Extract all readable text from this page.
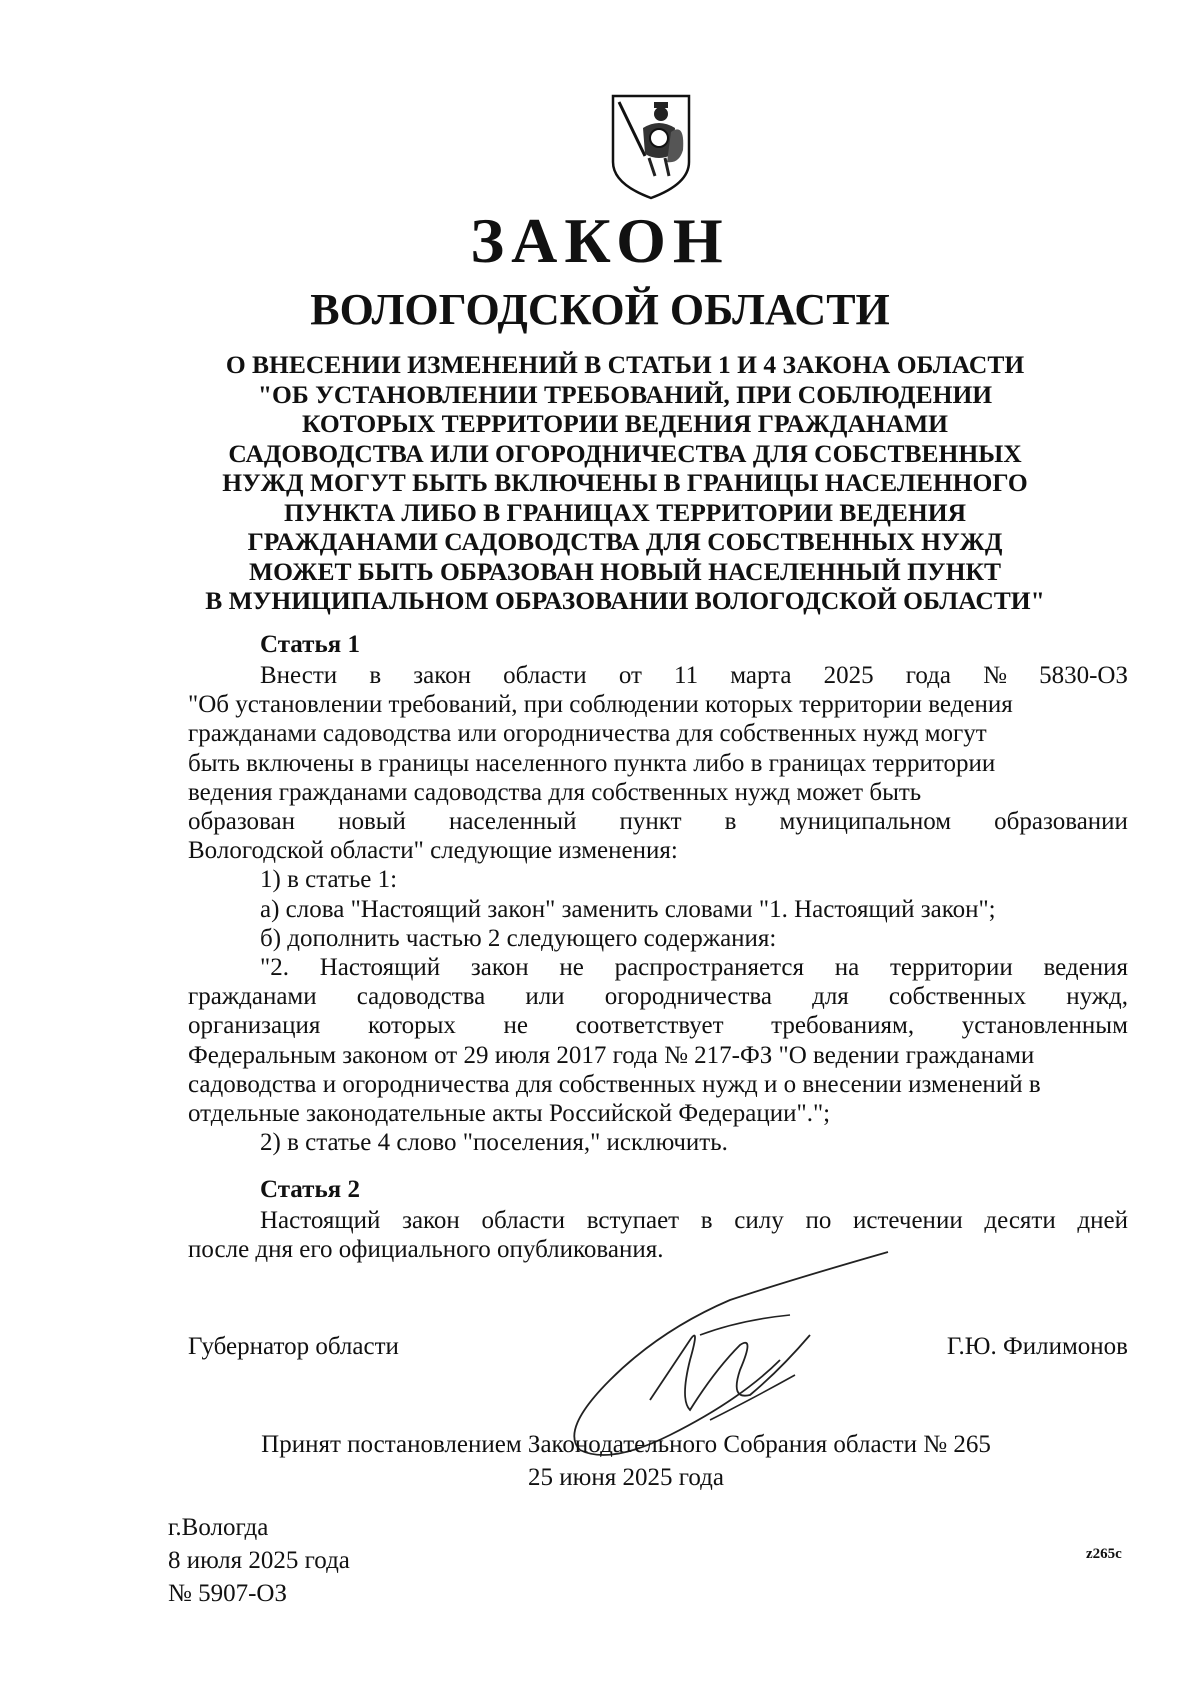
ЗАКОН
ВОЛОГОДСКОЙ ОБЛАСТИ
О ВНЕСЕНИИ ИЗМЕНЕНИЙ В СТАТЬИ 1 И 4 ЗАКОНА ОБЛАСТИ
"ОБ УСТАНОВЛЕНИИ ТРЕБОВАНИЙ, ПРИ СОБЛЮДЕНИИ
КОТОРЫХ ТЕРРИТОРИИ ВЕДЕНИЯ ГРАЖДАНАМИ
САДОВОДСТВА ИЛИ ОГОРОДНИЧЕСТВА ДЛЯ СОБСТВЕННЫХ
НУЖД МОГУТ БЫТЬ ВКЛЮЧЕНЫ В ГРАНИЦЫ НАСЕЛЕННОГО
ПУНКТА ЛИБО В ГРАНИЦАХ ТЕРРИТОРИИ ВЕДЕНИЯ
ГРАЖДАНАМИ САДОВОДСТВА ДЛЯ СОБСТВЕННЫХ НУЖД
МОЖЕТ БЫТЬ ОБРАЗОВАН НОВЫЙ НАСЕЛЕННЫЙ ПУНКТ
В МУНИЦИПАЛЬНОМ ОБРАЗОВАНИИ ВОЛОГОДСКОЙ ОБЛАСТИ"
Статья 1
Внести в закон области от 11 марта 2025 года № 5830-ОЗ
"Об установлении требований, при соблюдении которых территории ведения
гражданами садоводства или огородничества для собственных нужд могут
быть включены в границы населенного пункта либо в границах территории
ведения гражданами садоводства для собственных нужд может быть
образован новый населенный пункт в муниципальном образовании
Вологодской области" следующие изменения:
1) в статье 1:
а) слова "Настоящий закон" заменить словами "1. Настоящий закон";
б) дополнить частью 2 следующего содержания:
"2. Настоящий закон не распространяется на территории ведения
гражданами садоводства или огородничества для собственных нужд,
организация которых не соответствует требованиям, установленным
Федеральным законом от 29 июля 2017 года № 217-ФЗ "О ведении гражданами
садоводства и огородничества для собственных нужд и о внесении изменений в
отдельные законодательные акты Российской Федерации".";
2) в статье 4 слово "поселения," исключить.
Статья 2
Настоящий закон области вступает в силу по истечении десяти дней
после дня его официального опубликования.
Губернатор области	Г.Ю. Филимонов
Принят постановлением Законодательного Собрания области № 265
25 июня 2025 года
г.Вологда
8 июля 2025 года
№ 5907-ОЗ
z265c
